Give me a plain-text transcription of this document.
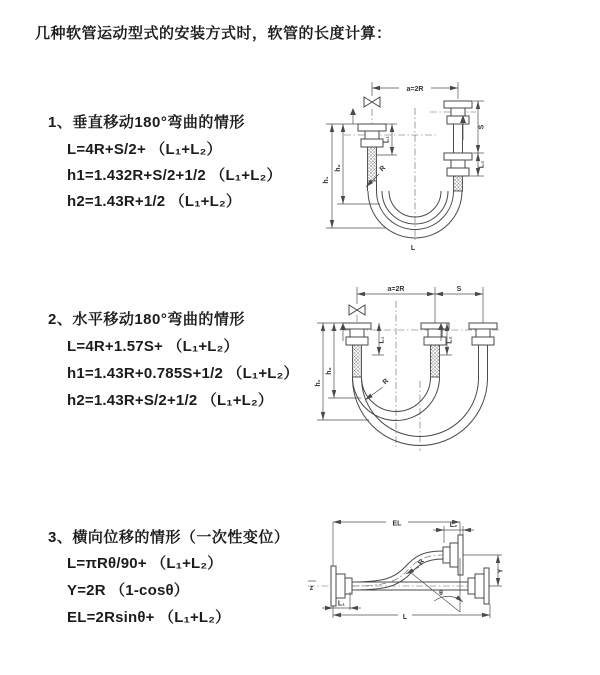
几种软管运动型式的安装方式时，软管的长度计算：
1、垂直移动180°弯曲的情形
L=4R+S/2+ （L₁+L₂）
h1=1.432R+S/2+1/2 （L₁+L₂）
h2=1.43R+1/2 （L₁+L₂）
a=2R
h₁
h₂
L₁
S
L₂
R
L
2、水平移动180°弯曲的情形
L=4R+1.57S+ （L₁+L₂）
h1=1.43R+0.785S+1/2 （L₁+L₂）
h2=1.43R+S/2+1/2 （L₁+L₂）
a=2R	S
h₁
h₂
L₁	L₂
R
3、横向位移的情形（一次性变位）
L=πRθ/90+ （L₁+L₂）
Y=2R （1-cosθ）
EL=2Rsinθ+ （L₁+L₂）
z
EL	L₂
Y
θ
R
L
L₁
